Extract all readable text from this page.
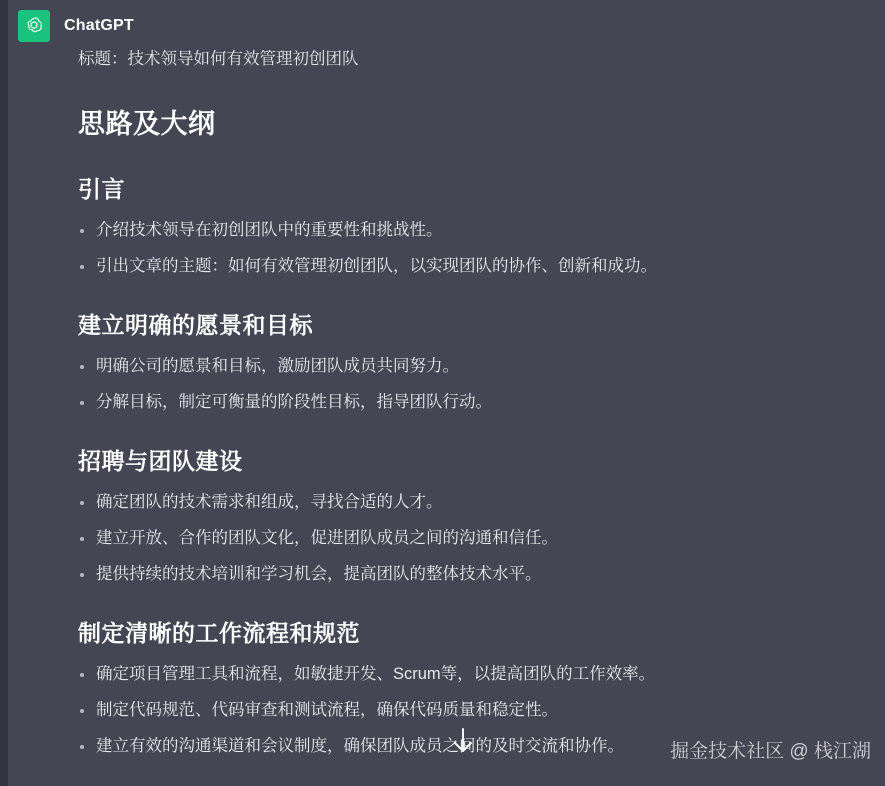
ChatGPT
标题：技术领导如何有效管理初创团队
思路及大纲
引言
介绍技术领导在初创团队中的重要性和挑战性。
引出文章的主题：如何有效管理初创团队，以实现团队的协作、创新和成功。
建立明确的愿景和目标
明确公司的愿景和目标，激励团队成员共同努力。
分解目标，制定可衡量的阶段性目标，指导团队行动。
招聘与团队建设
确定团队的技术需求和组成，寻找合适的人才。
建立开放、合作的团队文化，促进团队成员之间的沟通和信任。
提供持续的技术培训和学习机会，提高团队的整体技术水平。
制定清晰的工作流程和规范
确定项目管理工具和流程，如敏捷开发、Scrum等，以提高团队的工作效率。
制定代码规范、代码审查和测试流程，确保代码质量和稳定性。
建立有效的沟通渠道和会议制度，确保团队成员之间的及时交流和协作。	掘金技术社区 @ 栈江湖
